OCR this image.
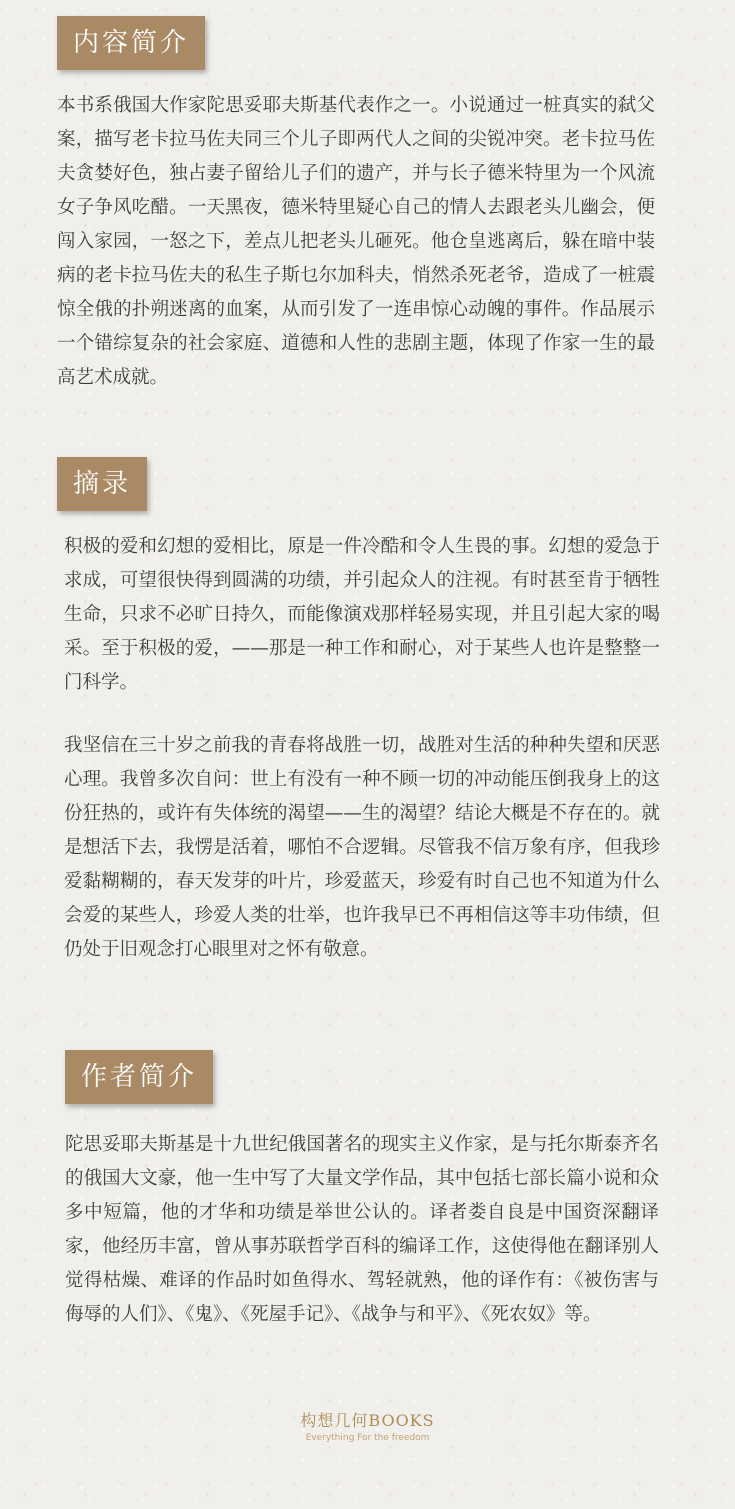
内容简介

本书系俄国大作家陀思妥耶夫斯基代表作之一。小说通过一桩真实的弑父案，描写老卡拉马佐夫同三个儿子即两代人之间的尖锐冲突。老卡拉马佐夫贪婪好色，独占妻子留给儿子们的遗产，并与长子德米特里为一个风流女子争风吃醋。一天黑夜，德米特里疑心自己的情人去跟老头儿幽会，便闯入家园，一怒之下，差点儿把老头儿砸死。他仓皇逃离后，躲在暗中装病的老卡拉马佐夫的私生子斯乜尔加科夫，悄然杀死老爷，造成了一桩震惊全俄的扑朔迷离的血案，从而引发了一连串惊心动魄的事件。作品展示一个错综复杂的社会家庭、道德和人性的悲剧主题，体现了作家一生的最高艺术成就。

摘录

积极的爱和幻想的爱相比，原是一件冷酷和令人生畏的事。幻想的爱急于求成，可望很快得到圆满的功绩，并引起众人的注视。有时甚至肯于牺牲生命，只求不必旷日持久，而能像演戏那样轻易实现，并且引起大家的喝采。至于积极的爱，——那是一种工作和耐心，对于某些人也许是整整一门科学。

我坚信在三十岁之前我的青春将战胜一切，战胜对生活的种种失望和厌恶心理。我曾多次自问：世上有没有一种不顾一切的冲动能压倒我身上的这份狂热的，或许有失体统的渴望——生的渴望？结论大概是不存在的。就是想活下去，我愣是活着，哪怕不合逻辑。尽管我不信万象有序，但我珍爱黏糊糊的，春天发芽的叶片，珍爱蓝天，珍爱有时自己也不知道为什么会爱的某些人，珍爱人类的壮举，也许我早已不再相信这等丰功伟绩，但仍处于旧观念打心眼里对之怀有敬意。

作者简介

陀思妥耶夫斯基是十九世纪俄国著名的现实主义作家，是与托尔斯泰齐名的俄国大文豪，他一生中写了大量文学作品，其中包括七部长篇小说和众多中短篇，他的才华和功绩是举世公认的。译者娄自良是中国资深翻译家，他经历丰富，曾从事苏联哲学百科的编译工作，这使得他在翻译别人觉得枯燥、难译的作品时如鱼得水、驾轻就熟，他的译作有：《被伤害与侮辱的人们》、《鬼》、《死屋手记》、《战争与和平》、《死农奴》等。

构想几何BOOKS
Everything For the freedom
